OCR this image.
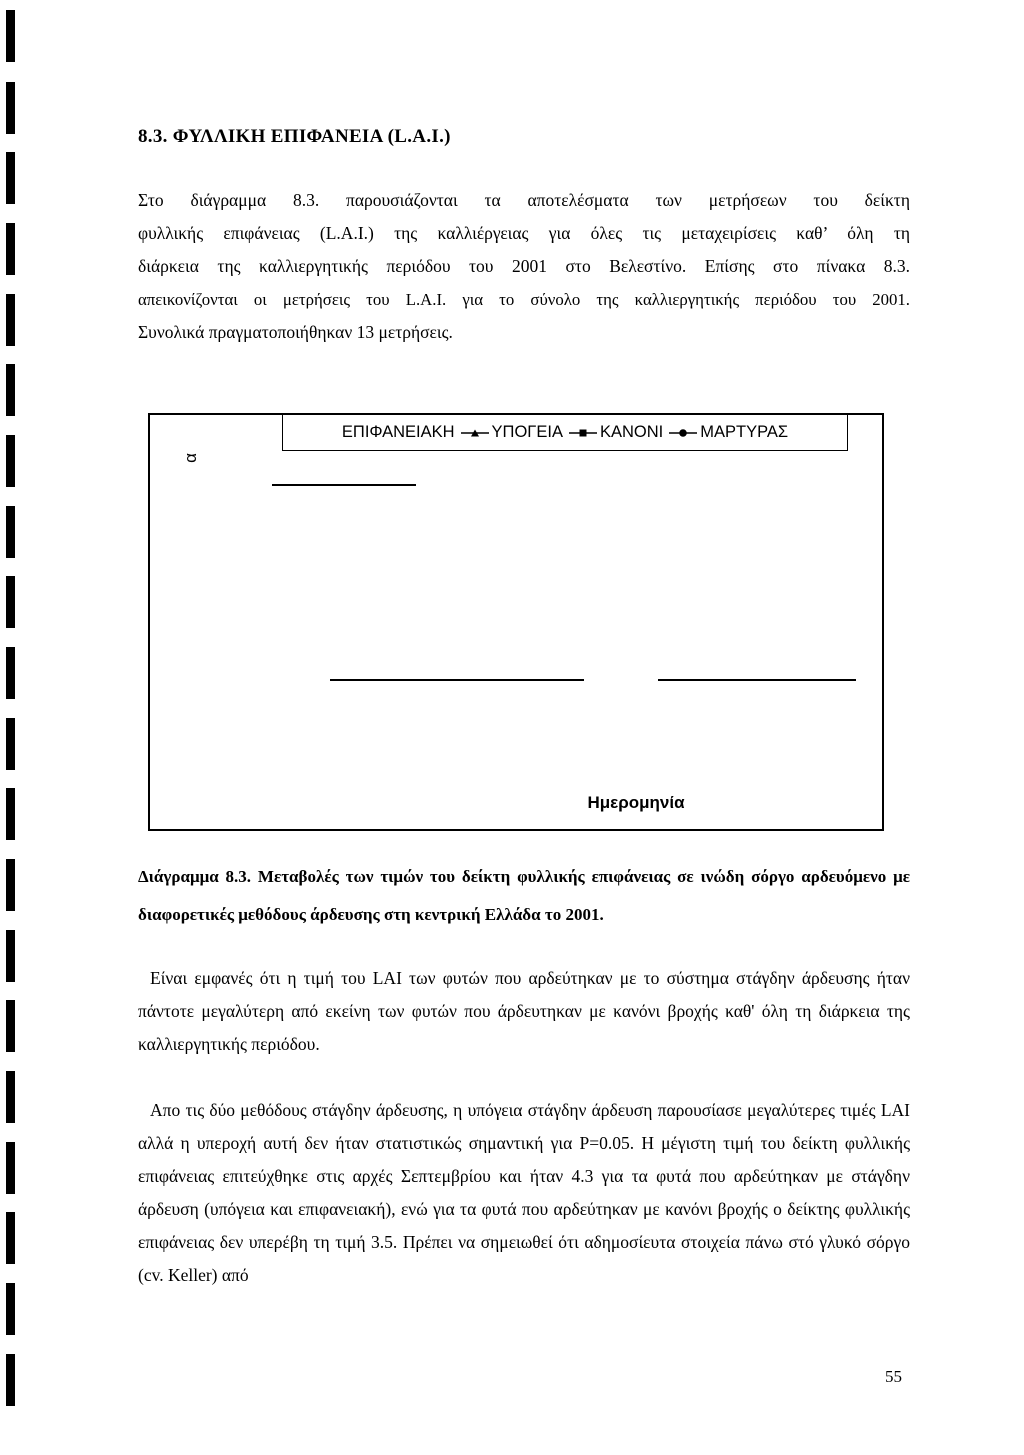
8.3. ΦΥΛΛΙΚΗ ΕΠΙΦΑΝΕΙΑ (L.A.I.)
Στο διάγραμμα 8.3. παρουσιάζονται τα αποτελέσματα των μετρήσεων του δείκτη
φυλλικής επιφάνειας (L.A.I.) της καλλιέργειας για όλες τις μεταχειρίσεις καθ’ όλη τη
διάρκεια της καλλιεργητικής περιόδου του 2001 στο Βελεστίνο. Επίσης στο πίνακα 8.3.
απεικονίζονται οι μετρήσεις του L.A.I. για το σύνολο της καλλιεργητικής περιόδου του 2001.
Συνολικά πραγματοποιήθηκαν 13 μετρήσεις.
α
ΕΠΙΦΑΝΕΙΑΚΗ ΥΠΟΓΕΙΑ ΚΑΝΟΝΙ ΜΑΡΤΥΡΑΣ
Ημερομηνία
Διάγραμμα 8.3. Μεταβολές των τιμών του δείκτη φυλλικής επιφάνειας σε ινώδη σόργο αρδευόμενο με διαφορετικές μεθόδους άρδευσης στη κεντρική Ελλάδα το 2001.
Είναι εμφανές ότι η τιμή του LAI των φυτών που αρδεύτηκαν με το σύστημα στάγδην άρδευσης ήταν πάντοτε μεγαλύτερη από εκείνη των φυτών που άρδευτηκαν με κανόνι βροχής καθ' όλη τη διάρκεια της καλλιεργητικής περιόδου.
Απο τις δύο μεθόδους στάγδην άρδευσης, η υπόγεια στάγδην άρδευση παρουσίασε μεγαλύτερες τιμές LAI αλλά η υπεροχή αυτή δεν ήταν στατιστικώς σημαντική για P=0.05. Η μέγιστη τιμή του δείκτη φυλλικής επιφάνειας επιτεύχθηκε στις αρχές Σεπτεμβρίου και ήταν 4.3 για τα φυτά που αρδεύτηκαν με στάγδην άρδευση (υπόγεια και επιφανειακή), ενώ για τα φυτά που αρδεύτηκαν με κανόνι βροχής ο δείκτης φυλλικής επιφάνειας δεν υπερέβη τη τιμή 3.5. Πρέπει να σημειωθεί ότι αδημοσίευτα στοιχεία πάνω στό γλυκό σόργο (cv. Keller) από
55
